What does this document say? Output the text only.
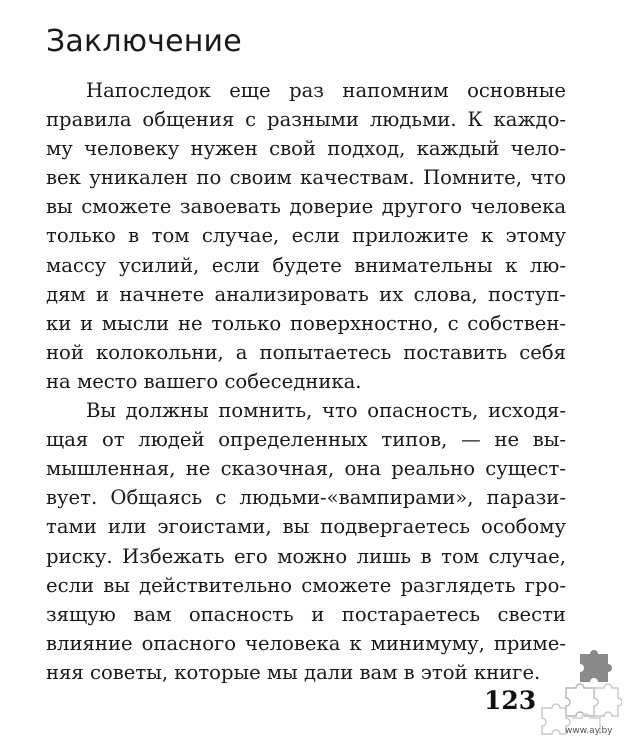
Заключение
Напоследок еще раз напомним основные
правила общения с разными людьми. К каждо-
му человеку нужен свой подход, каждый чело-
век уникален по своим качествам. Помните, что
вы сможете завоевать доверие другого человека
только в том случае, если приложите к этому
массу усилий, если будете внимательны к лю-
дям и начнете анализировать их слова, поступ-
ки и мысли не только поверхностно, с собствен-
ной колокольни, а попытаетесь поставить себя
на место вашего собеседника.
Вы должны помнить, что опасность, исходя-
щая от людей определенных типов, — не вы-
мышленная, не сказочная, она реально сущест-
вует. Общаясь с людьми-«вампирами», парази-
тами или эгоистами, вы подвергаетесь особому
риску. Избежать его можно лишь в том случае,
если вы действительно сможете разглядеть гро-
зящую вам опасность и постараетесь свести
влияние опасного человека к минимуму, приме-
няя советы, которые мы дали вам в этой книге.
123
www.ay.by
